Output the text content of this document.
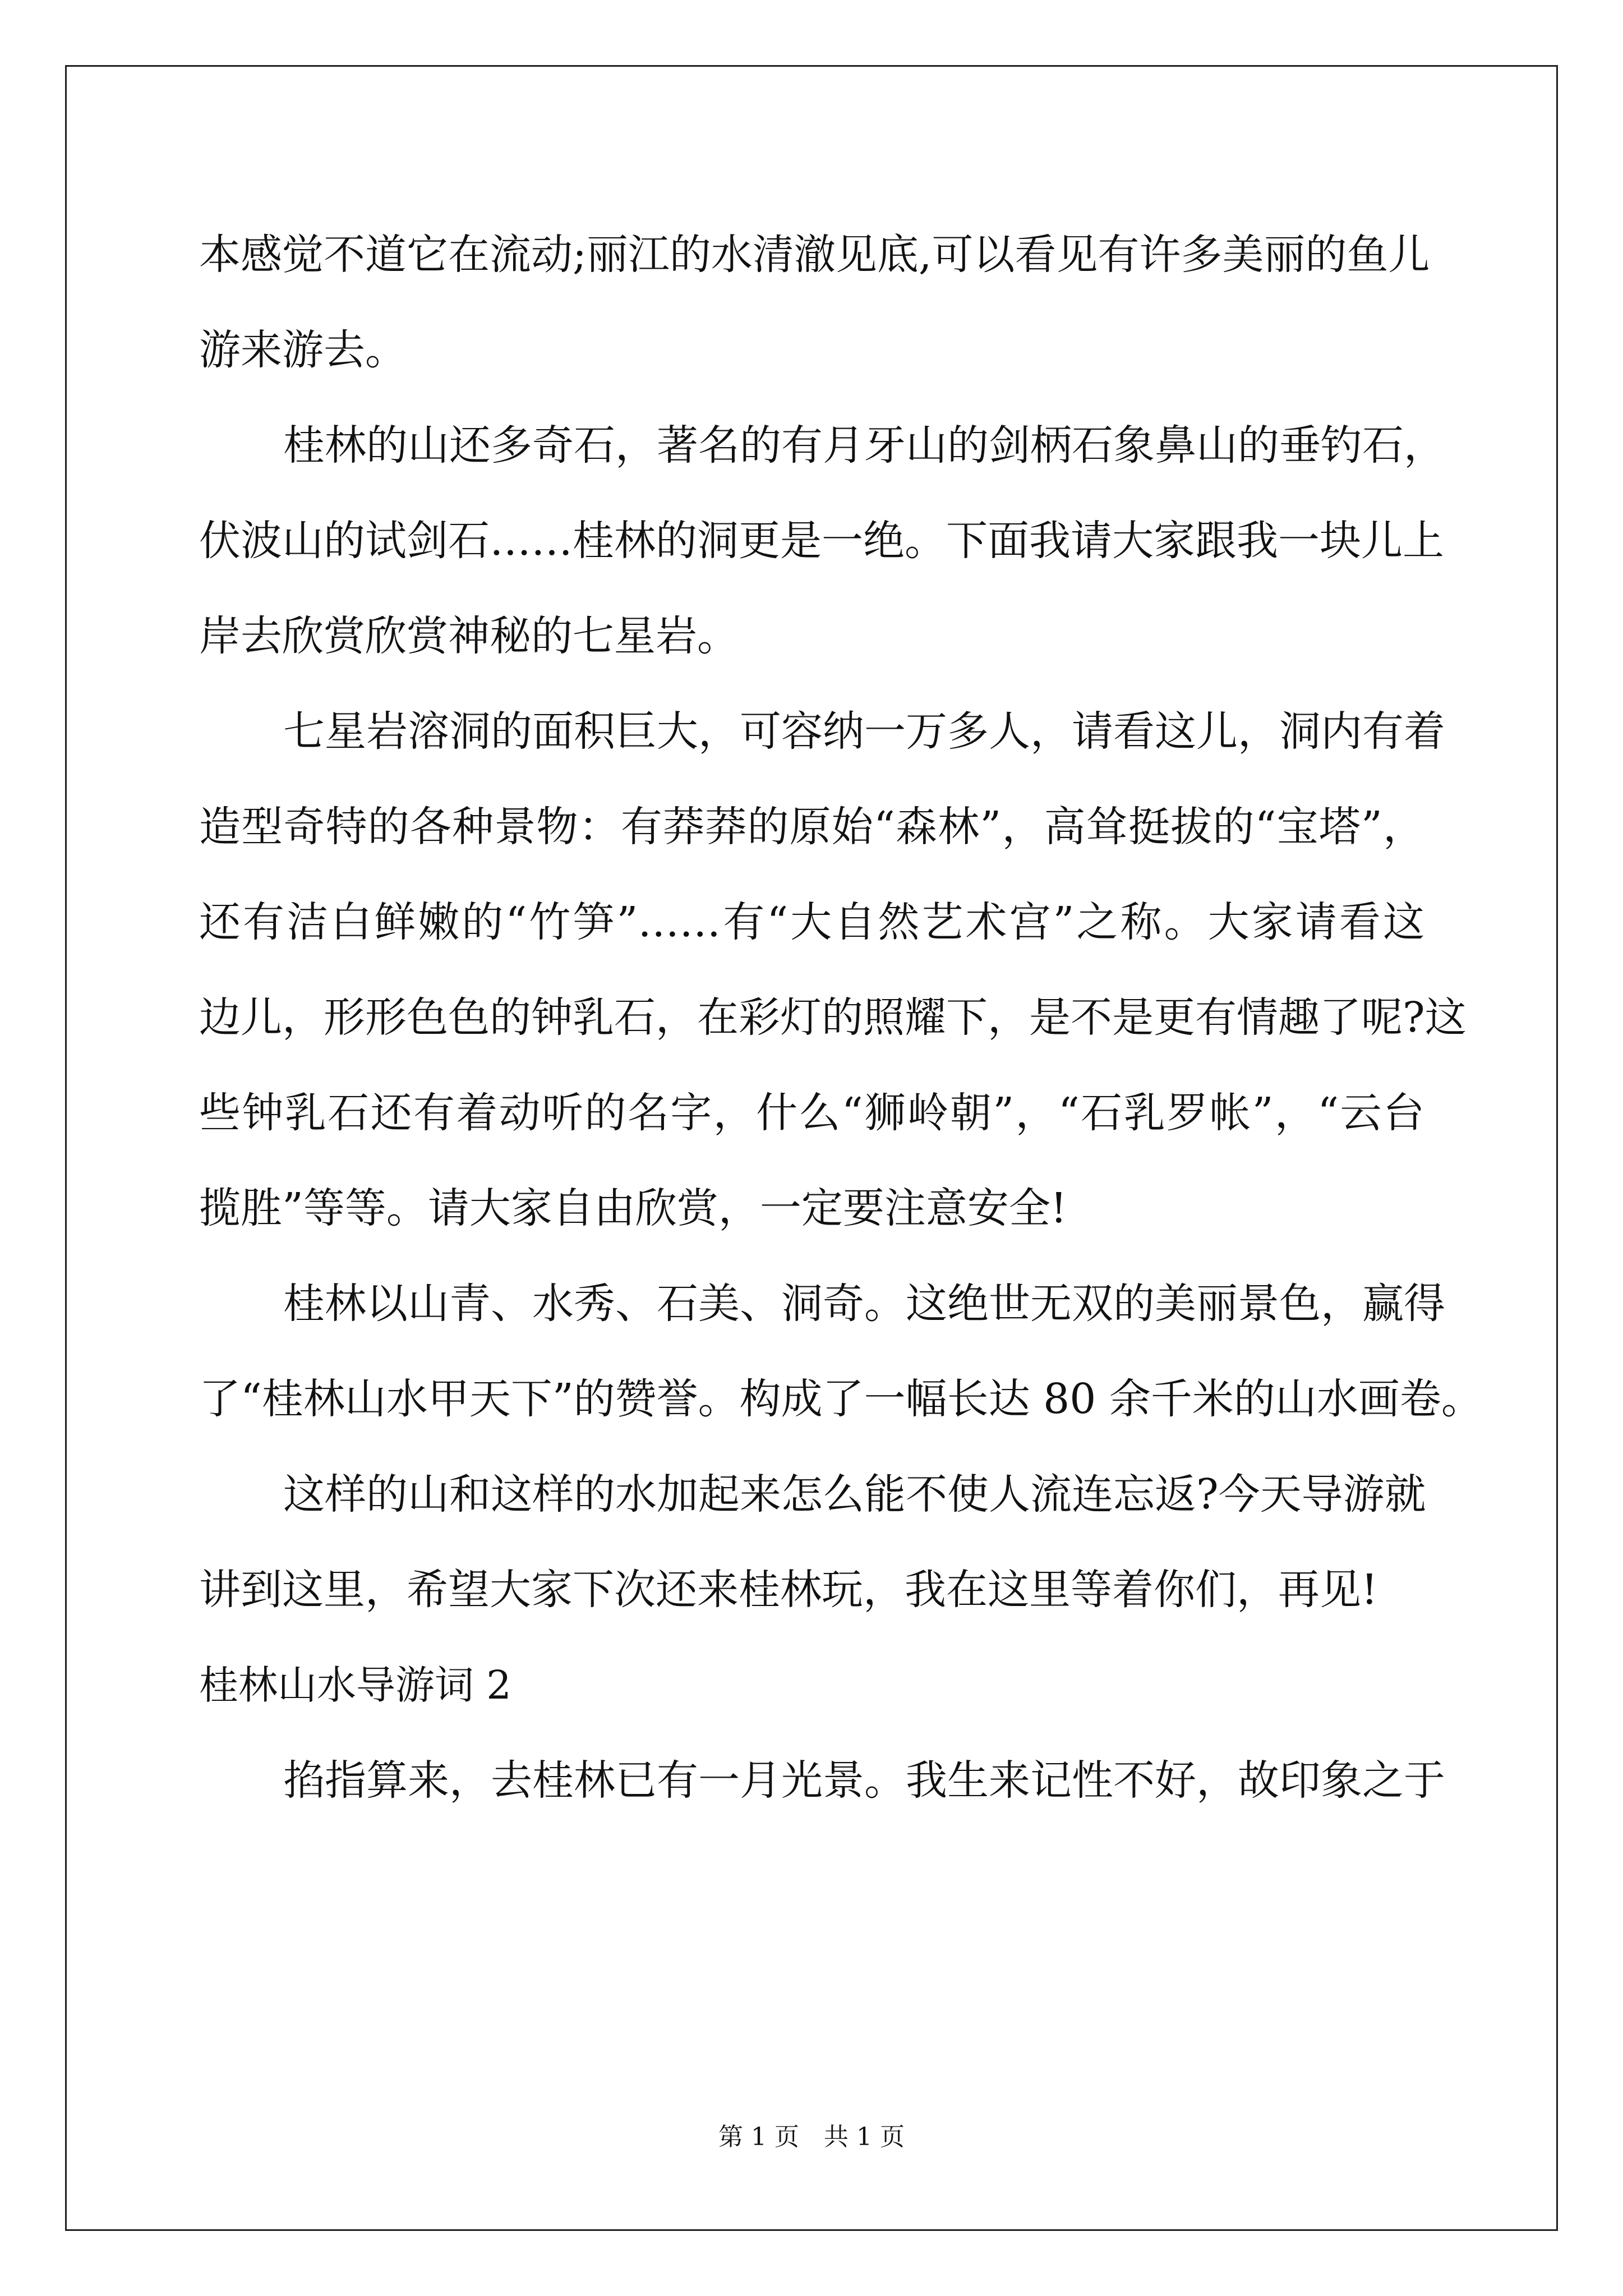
本感觉不道它在流动;丽江的水清澈见底,可以看见有许多美丽的鱼儿

游来游去。

桂林的山还多奇石，著名的有月牙山的剑柄石象鼻山的垂钓石，

伏波山的试剑石……桂林的洞更是一绝。下面我请大家跟我一块儿上

岸去欣赏欣赏神秘的七星岩。

七星岩溶洞的面积巨大，可容纳一万多人，请看这儿，洞内有着

造型奇特的各种景物：有莽莽的原始“森林”，高耸挺拔的“宝塔”，

还有洁白鲜嫩的“竹笋”……有“大自然艺术宫”之称。大家请看这

边儿，形形色色的钟乳石，在彩灯的照耀下，是不是更有情趣了呢?这

些钟乳石还有着动听的名字，什么“狮岭朝”，“石乳罗帐”，“云台

揽胜”等等。请大家自由欣赏，一定要注意安全!

桂林以山青、水秀、石美、洞奇。这绝世无双的美丽景色，赢得

了“桂林山水甲天下”的赞誉。构成了一幅长达 80 余千米的山水画卷。

这样的山和这样的水加起来怎么能不使人流连忘返?今天导游就

讲到这里，希望大家下次还来桂林玩，我在这里等着你们，再见!

桂林山水导游词 2

掐指算来，去桂林已有一月光景。我生来记性不好，故印象之于

第 1 页　共 1 页
